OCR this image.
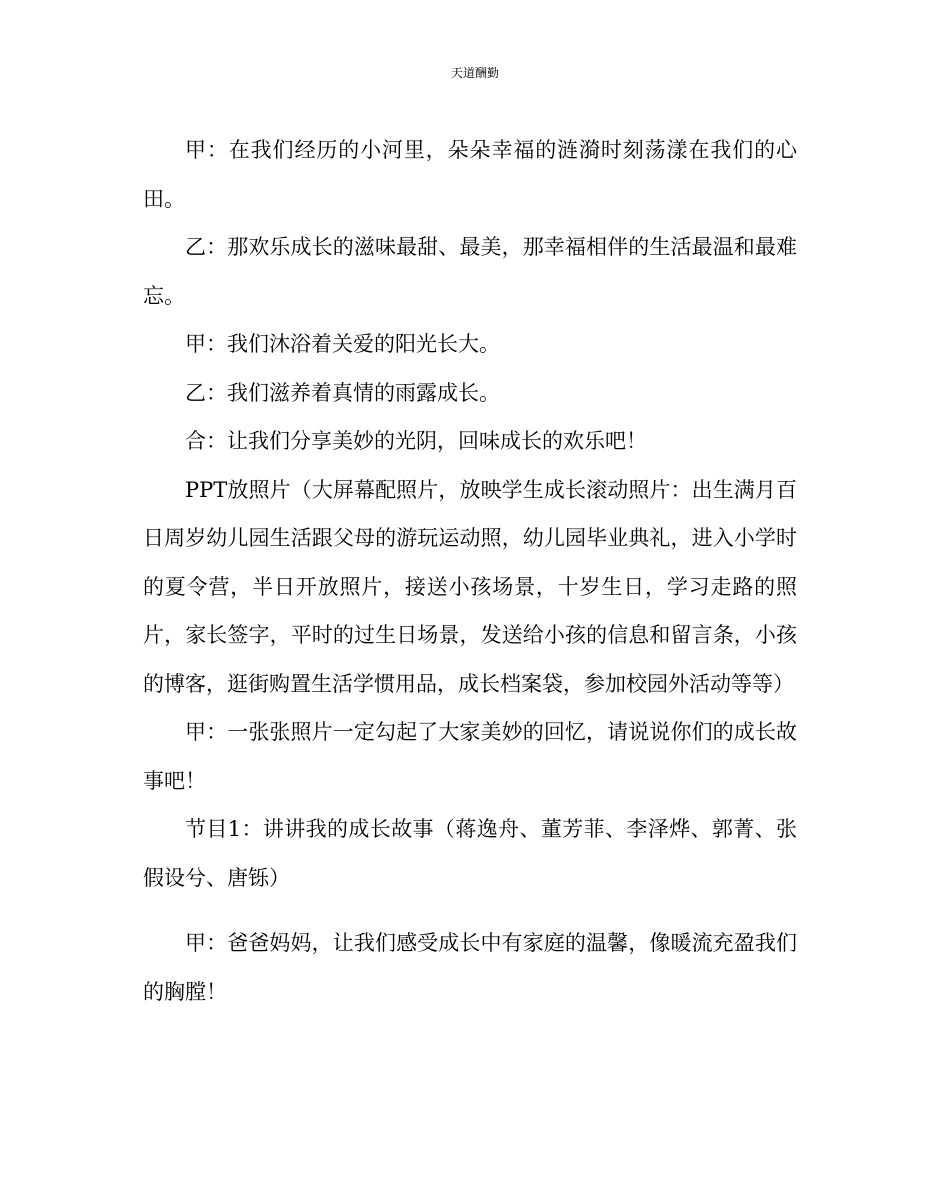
天道酬勤

甲：在我们经历的小河里，朵朵幸福的涟漪时刻荡漾在我们的心田。

乙：那欢乐成长的滋味最甜、最美，那幸福相伴的生活最温和最难忘。

甲：我们沐浴着关爱的阳光长大。

乙：我们滋养着真情的雨露成长。

合：让我们分享美妙的光阴，回味成长的欢乐吧！

PPT放照片（大屏幕配照片，放映学生成长滚动照片：出生满月百日周岁幼儿园生活跟父母的游玩运动照，幼儿园毕业典礼，进入小学时的夏令营，半日开放照片，接送小孩场景，十岁生日，学习走路的照片，家长签字，平时的过生日场景，发送给小孩的信息和留言条，小孩的博客，逛街购置生活学惯用品，成长档案袋，参加校园外活动等等）

甲：一张张照片一定勾起了大家美妙的回忆，请说说你们的成长故事吧！

节目1：讲讲我的成长故事（蒋逸舟、董芳菲、李泽烨、郭菁、张假设兮、唐铄）

甲：爸爸妈妈，让我们感受成长中有家庭的温馨，像暖流充盈我们的胸膛！
